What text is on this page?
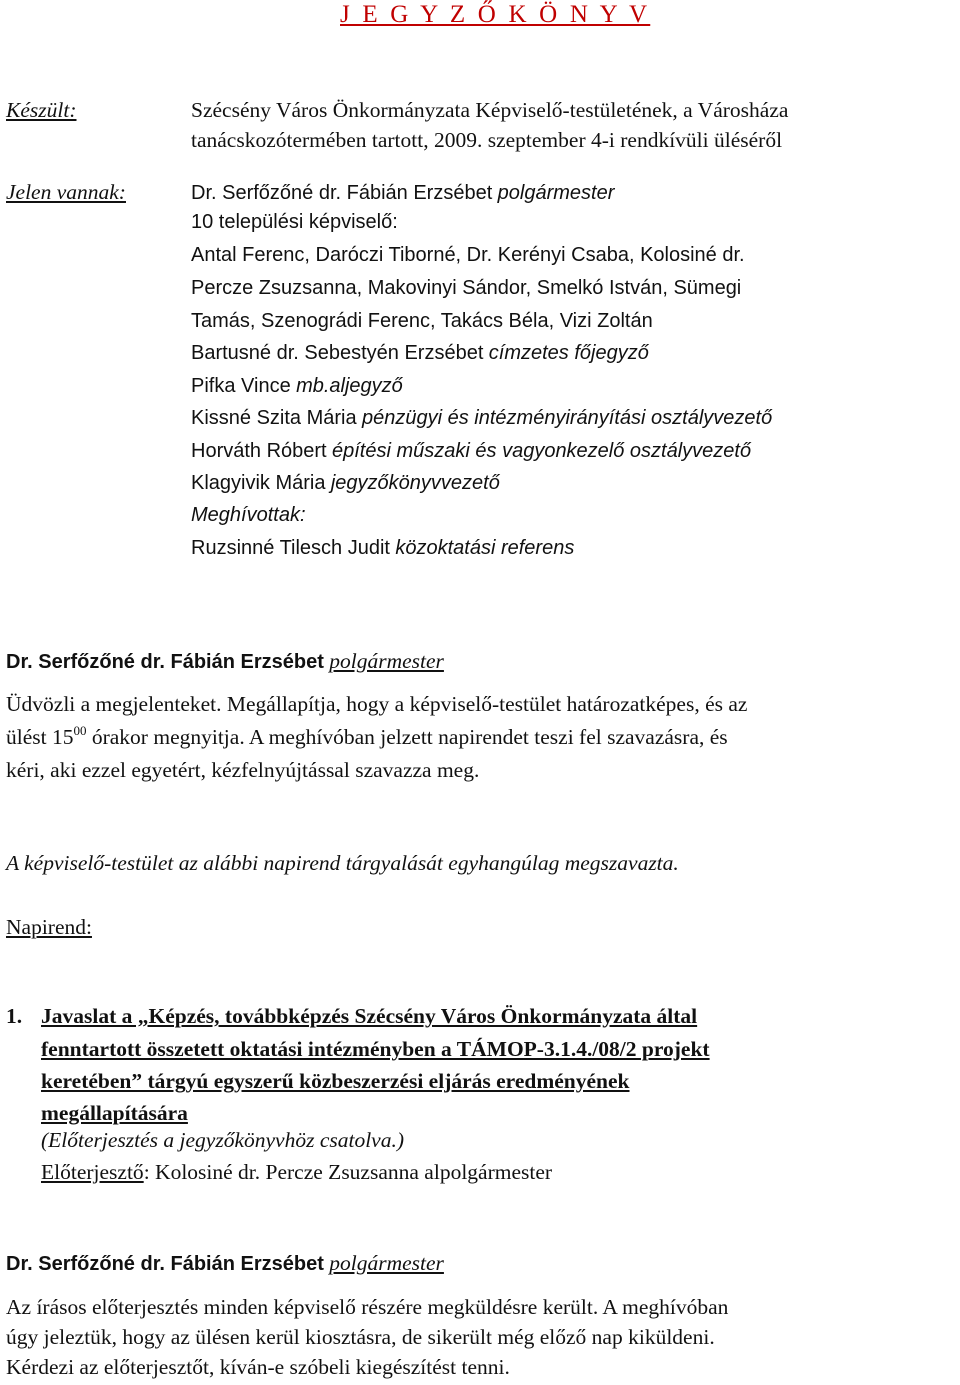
J E G Y Z Ő K Ö N Y V
Készült:	Szécsény Város Önkormányzata Képviselő-testületének, a Városháza
tanácskozótermében tartott, 2009. szeptember 4-i rendkívüli üléséről
Jelen vannak:	Dr. Serfőzőné dr. Fábián Erzsébet polgármester
10 települési képviselő:
Antal Ferenc, Daróczi Tiborné, Dr. Kerényi Csaba, Kolosiné dr.
Percze Zsuzsanna, Makovinyi Sándor, Smelkó István, Sümegi
Tamás, Szenográdi Ferenc, Takács Béla, Vizi Zoltán
Bartusné dr. Sebestyén Erzsébet címzetes főjegyző
Pifka Vince mb.aljegyző
Kissné Szita Mária pénzügyi és intézményirányítási osztályvezető
Horváth Róbert építési műszaki és vagyonkezelő osztályvezető
Klagyivik Mária jegyzőkönyvvezető
Meghívottak:
Ruzsinné Tilesch Judit közoktatási referens
Dr. Serfőzőné dr. Fábián Erzsébet polgármester
Üdvözli a megjelenteket. Megállapítja, hogy a képviselő-testület határozatképes, és az
ülést $15^{00}$ órakor megnyitja. A meghívóban jelzett napirendet teszi fel szavazásra, és
kéri, aki ezzel egyetért, kézfelnyújtással szavazza meg.
A képviselő-testület az alábbi napirend tárgyalását egyhangúlag megszavazta.
Napirend:
1. Javaslat a „Képzés, továbbképzés Szécsény Város Önkormányzata által
fenntartott összetett oktatási intézményben a TÁMOP-3.1.4./08/2 projekt
keretében” tárgyú egyszerű közbeszerzési eljárás eredményének
megállapítására
(Előterjesztés a jegyzőkönyvhöz csatolva.)
Előterjesztő: Kolosiné dr. Percze Zsuzsanna alpolgármester
Dr. Serfőzőné dr. Fábián Erzsébet polgármester
Az írásos előterjesztés minden képviselő részére megküldésre került. A meghívóban
úgy jeleztük, hogy az ülésen kerül kiosztásra, de sikerült még előző nap kiküldeni.
Kérdezi az előterjesztőt, kíván-e szóbeli kiegészítést tenni.
